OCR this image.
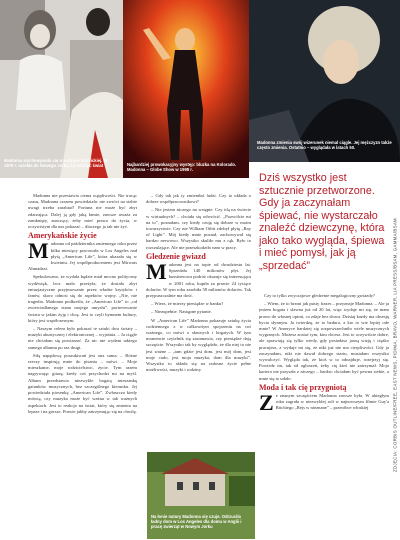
Madonna wychowywała się w rodzinie katolickiej. W 1978 r. uciekła do Nowego Jorku, by zdobyć świat	Najbardziej prowokacyjny występ: bluzka na Kolorado. Madonna – Globe Show w 1998 r.
Madonna zmienia swój wizerunek niemal ciągle. Jej mężczyzn także często zmienia. Ostatnio – wyglądała w latach 50.
Na łonie natury Madonna się czuje. Odrzuciła ładny dom w Los Angeles dla domu w Anglii i pracę zwierząt w Nowym Jorku

Madonna nie przestawia ciema wątpliwości. Nie tracąc czasu, Madonna czasem powiedziała: nie zwróci na siebie uwagi trzeba zarabiać! Fortuna nie może być zbyt zdarzająca. Dalej ją gdy jaką łamie, zawsze uważa za zamknięty, znaczący, żeby mieć prawo do życia, w oczywistym dla nas pokazać – dlaczego ja tak nie żyć.

Amerykańskie życie

M adonna od października zmiennego roku przez kilka miesięcy pracowała w Los Angeles nad płytą „American Life”, która ukazała się w kwietniu. Jej współproducentem jest Mirwais Ahmadzai.

Spekulowano, że wydała będzie miał mocno polityczny wydźwięk, lecz mała przeżyła, że dostała zbyt entuzjastyczne przyjmowanie przez władze krytyków i fanów, skoro odnosi się do aspektów wojny. „Nie, nie tragedia. Madonna podkreśla, że „American Life” to „od zwierciadlanego stanu mojego umysłu”, portretowanie świata w jakim żyję i chcę. Jest to czyli hymnem kultury, który jest współczesnym.

– Naszym celem było pokazać te sztuki dwa światy – muzyki akustycznej i elektronicznej – wyjaśnia. – Ja ciągle nie chciałam się powtarzać. Za nic nie wydam takiego samego albumu po raz drugi.

Siłą napędową poszukiwań jest ona sama. – Różne rzeczy inspirują mnie do pisania – mówi. – Moje mieszkanie, moje rodzicielstwo, życie. Tym razem nagrywając gitarę, kiedy coś przychodzi mi na myśl. Album przedstawia niezwykle bogatą mieszankę gatunków muzycznych, bez szczególnego kierunku. Jej powiedziała piosenkę „American Life”. Zwłaszcza kiedy mówią, czy muzyka może być ważna w tak ważnych aspektach. Jest to reakcja na świat, który się zmienia na lepsze i na gorsze. Prawie jakby zatrzymując się na chwilę.

– Gdy tak jak ty zmieniłaś ludzi. Czy to układa o dobrze współpracownikowi?

– Nie jestem niczego na wstępie. Czy idą na świecie w wirtualnych? – chciała się odwrócić. „Pozwólcie mi na to”, poznałam, czy kiedy czuję się dobrze w moim towarzystwie. Czy nie William Orbit zdobył płytę „Ray of Light”. Mój kiedy mnie poznał, zachowywał się bardzo nerwowo. Wszystko skuliło mu z rąk. Było to rozczulające. Ale nie przeszkodziło nam w pracy.

Gledzenie gwiazd

M adonna jest na topie od dwudziestu lat. Sprzedała 140 milionów płyt. Jej bussinesowa podróż okazuje się interesująca w 2001 roku, kupiła za prawie 24 tysiące dolarów. W tym roku zarobiła 58 milionów dolarów. Tak przypuszczalnie ma dość.

– Wierz, że mierzy pieniądze w banku?

– Niezupełnie. Następne pytanie.

W „American Life” Madonna pokazuje sztukę życia codziennego z w całkowitym spojrzeniu na coś ważnego, co mówi o sławnych i bogatych. W tym momencie czytelnik się zastanawia, czy pieniądze dają szczęście. Wszystko tak by wyglądało, że dla niej to nie jest ważne – „tam gdzie jest dom, jest mój dom, jest moje ciało, jest moja muzyka, dom dla muzyki”. Wszystko to składa się na radosne życie pełne możliwości, muzyki i rodziny.

Dziś wszystko jest sztucznie przetworzone. Gdy ja zaczynałam śpiewać, nie wystarczało znaleźć dziewczynę, która jako tako wygląda, śpiewa i mieć pomysł, jak ją „sprzedać”

Czy to tylko zwyczajowe gledzenie megalogiczny gwiazdy?

– Wiem, że to brzmi jak pusty frazes – przyznaje Madonna. – Ale ja jestem bogata i sławna już od 20 lat, więc wydaje mi się, że mam prawo do własnej opinii, co zdaje bez słowa. Dzisiaj każdy ma obsesję bycia słynnym. Ja twierdzę, że to bzdura, a kto to wie lepiej ode mnie? W Ameryce bardziej się rozpowszechniło wiele muzycznych wygranych. Możesz zostać tym, kim chcesz. Jest to oczywiście dobre, ale sprawiają się tylko wtedy, gdy posiadasz jasną wizję i ciężko pracujesz, a wydaje mi się, że nikt już nie ma cierpliwości. Gdy ja zaczynałam, nikt nie dawał dobrego startu, musiałam wszystko wywalczyć. Wygląda tak, że ktoś w to odnajduje, rozejrzyj się. Powiedz im, tak od ogłoszeń, żeby cię ktoś nie zatrzymał. Moja kariera nie przyszła z niczego – bardzo chciałam być pewna siebie, a mnie się to udało.

Moda i tak cię przygniotą

Z e znanym szczęściem Madonna zawsze była. W ubiegłym roku zagrała w niezwykłej roli w najnowszym filmie Guy'a Ritchiego „Rejs w nieznane” – przeróbce włoskiej	ZDJĘCIA: CORBIS OUTLINE/FREE, EAST NEWS, PIDIMA, BRAVO, WARNER, LIA PRESS/BSAM, GAMMA/BSAM
